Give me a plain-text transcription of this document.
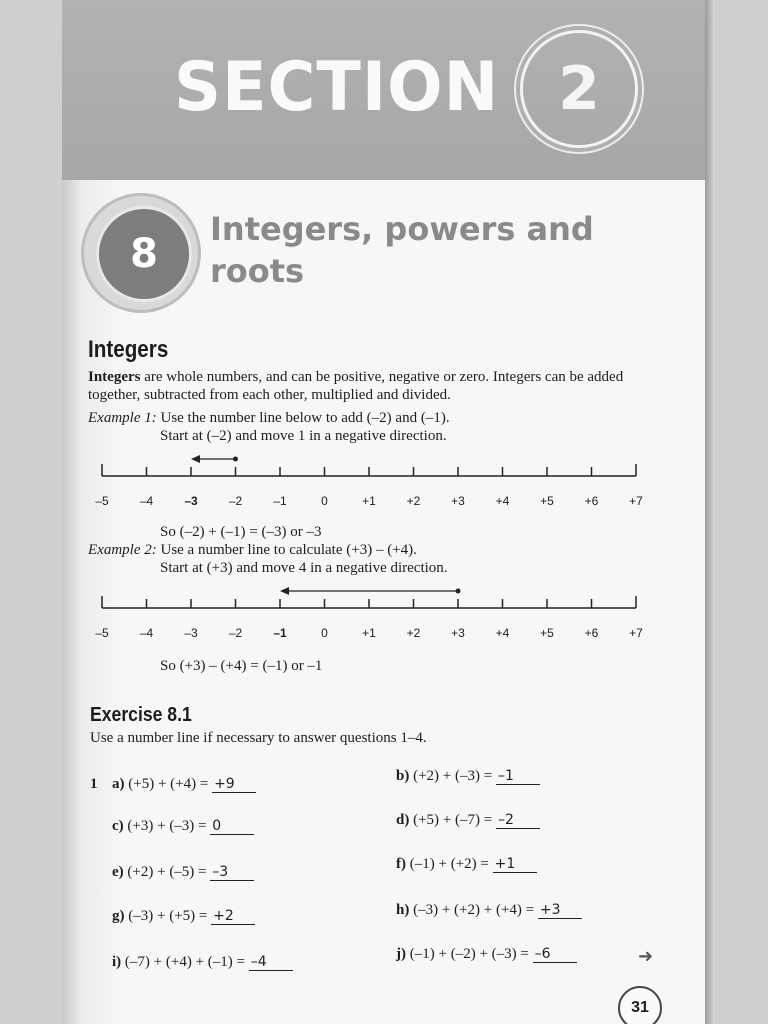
SECTION 2
8
Integers, powers and roots
Integers
Integers are whole numbers, and can be positive, negative or zero. Integers can be added together, subtracted from each other, multiplied and divided.
Example 1: Use the number line below to add (–2) and (–1).
Start at (–2) and move 1 in a negative direction.
–5	–4	–3	–2	–1	0	+1	+2	+3	+4	+5	+6	+7
So (–2) + (–1) = (–3) or –3
Example 2: Use a number line to calculate (+3) – (+4).
Start at (+3) and move 4 in a negative direction.
–5	–4	–3	–2	–1	0	+1	+2	+3	+4	+5	+6	+7
So (+3) – (+4) = (–1) or –1
Exercise 8.1
Use a number line if necessary to answer questions 1–4.
1 a) (+5) + (+4) = +9	b) (+2) + (–3) = –1
c) (+3) + (–3) = 0	d) (+5) + (–7) = –2
e) (+2) + (–5) = –3	f) (–1) + (+2) = +1
g) (–3) + (+5) = +2	h) (–3) + (+2) + (+4) = +3
i) (–7) + (+4) + (–1) = –4	j) (–1) + (–2) + (–3) = –6	➜
31
